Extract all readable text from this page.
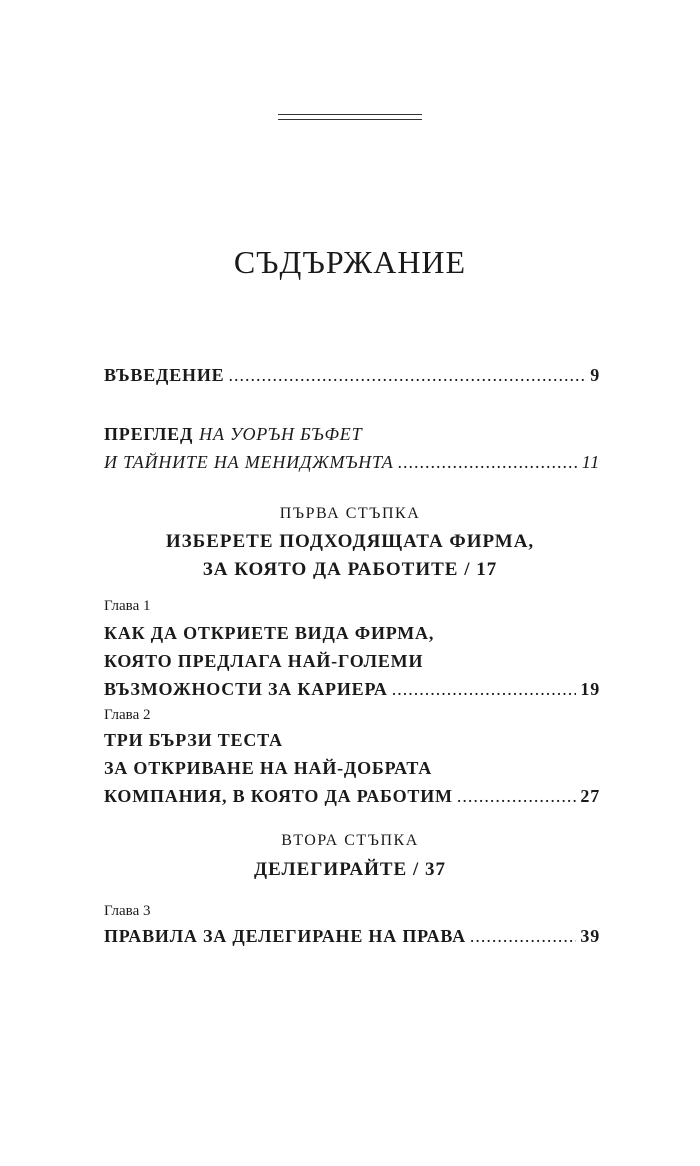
СЪДЪРЖАНИЕ
ВЪВЕДЕНИЕ .....	9
ПРЕГЛЕД НА УОРЪН БЪФЕТ
И ТАЙНИТЕ НА МЕНИДЖМЪНТА .....	11
ПЪРВА СТЪПКА
ИЗБЕРЕТЕ ПОДХОДЯЩАТА ФИРМА,
ЗА КОЯТО ДА РАБОТИТЕ / 17
Глава 1
КАК ДА ОТКРИЕТЕ ВИДА ФИРМА,
КОЯТО ПРЕДЛАГА НАЙ-ГОЛЕМИ
ВЪЗМОЖНОСТИ ЗА КАРИЕРА .....	19
Глава 2
ТРИ БЪРЗИ ТЕСТА
ЗА ОТКРИВАНЕ НА НАЙ-ДОБРАТА
КОМПАНИЯ, В КОЯТО ДА РАБОТИМ .....	27
ВТОРА СТЪПКА
ДЕЛЕГИРАЙТЕ / 37
Глава 3
ПРАВИЛА ЗА ДЕЛЕГИРАНЕ НА ПРАВА .....	39
